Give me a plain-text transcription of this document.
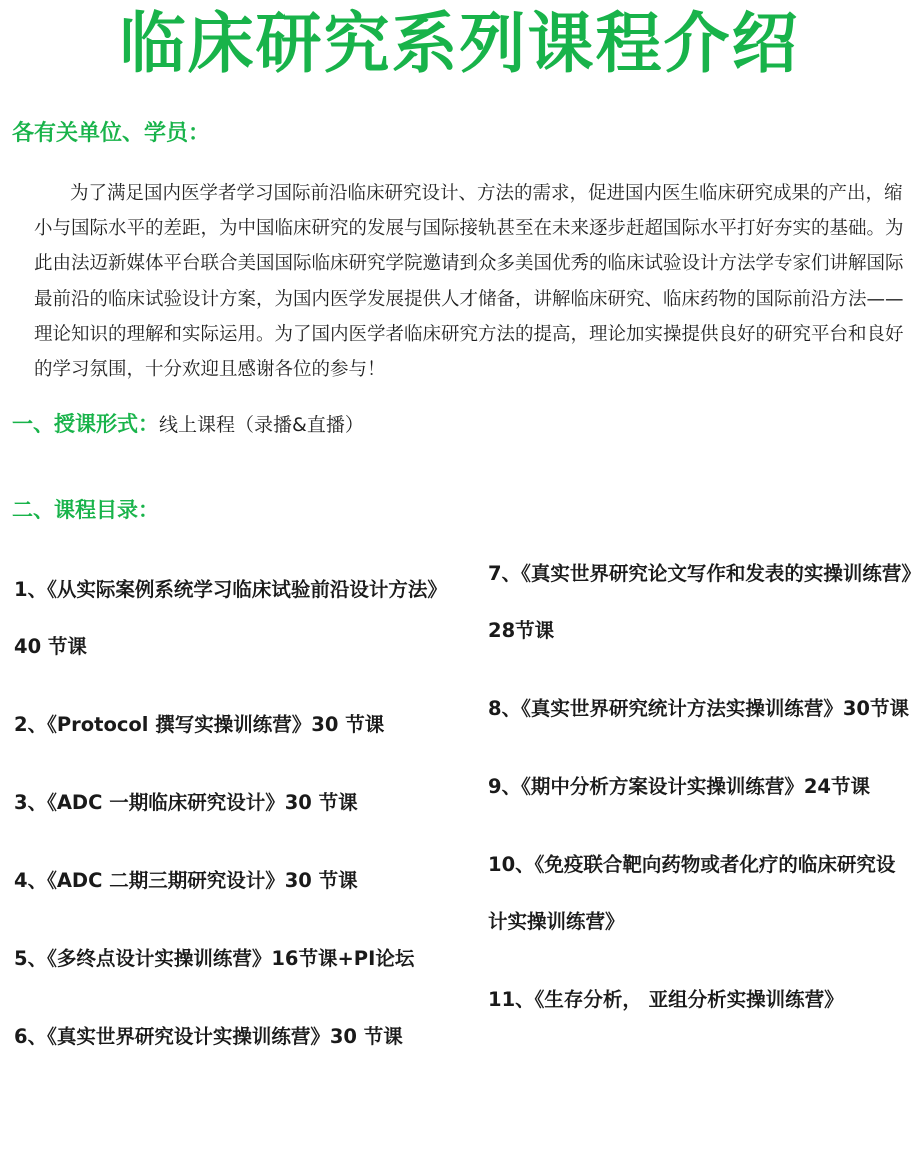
临床研究系列课程介绍
各有关单位、学员：

为了满足国内医学者学习国际前沿临床研究设计、方法的需求，促进国内医生临床研究成果的产出，缩小与国际水平的差距，为中国临床研究的发展与国际接轨甚至在未来逐步赶超国际水平打好夯实的基础。为此由法迈新媒体平台联合美国国际临床研究学院邀请到众多美国优秀的临床试验设计方法学专家们讲解国际最前沿的临床试验设计方案，为国内医学发展提供人才储备，讲解临床研究、临床药物的国际前沿方法——理论知识的理解和实际运用。为了国内医学者临床研究方法的提高，理论加实操提供良好的研究平台和良好的学习氛围，十分欢迎且感谢各位的参与！

一、授课形式：线上课程（录播&直播）
二、课程目录：
1、《从实际案例系统学习临床试验前沿设计方法》40 节课
2、《Protocol 撰写实操训练营》30 节课
3、《ADC 一期临床研究设计》30 节课
4、《ADC 二期三期研究设计》30 节课
5、《多终点设计实操训练营》16节课+PI论坛
6、《真实世界研究设计实操训练营》30 节课
7、《真实世界研究论文写作和发表的实操训练营》28节课
8、《真实世界研究统计方法实操训练营》30节课
9、《期中分析方案设计实操训练营》24节课
10、《免疫联合靶向药物或者化疗的临床研究设计实操训练营》
11、《生存分析， 亚组分析实操训练营》
